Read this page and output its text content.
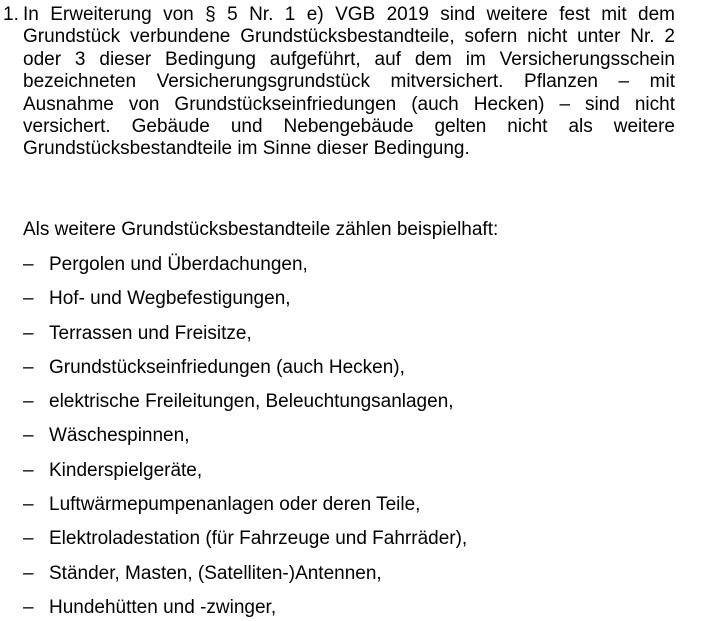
1. In Erweiterung von § 5 Nr. 1 e) VGB 2019 sind weitere fest mit dem Grundstück verbundene Grundstücksbestandteile, sofern nicht unter Nr. 2 oder 3 dieser Bedingung aufgeführt, auf dem im Versicherungsschein bezeichneten Versicherungsgrundstück mitversichert. Pflanzen – mit Ausnahme von Grundstückseinfriedungen (auch Hecken) – sind nicht versichert. Gebäude und Nebengebäude gelten nicht als weitere Grundstücksbestandteile im Sinne dieser Bedingung.

Als weitere Grundstücksbestandteile zählen beispielhaft:

– Pergolen und Überdachungen,
– Hof- und Wegbefestigungen,
– Terrassen und Freisitze,
– Grundstückseinfriedungen (auch Hecken),
– elektrische Freileitungen, Beleuchtungsanlagen,
– Wäschespinnen,
– Kinderspielgeräte,
– Luftwärmepumpenanlagen oder deren Teile,
– Elektroladestation (für Fahrzeuge und Fahrräder),
– Ständer, Masten, (Satelliten-)Antennen,
– Hundehütten und -zwinger,
